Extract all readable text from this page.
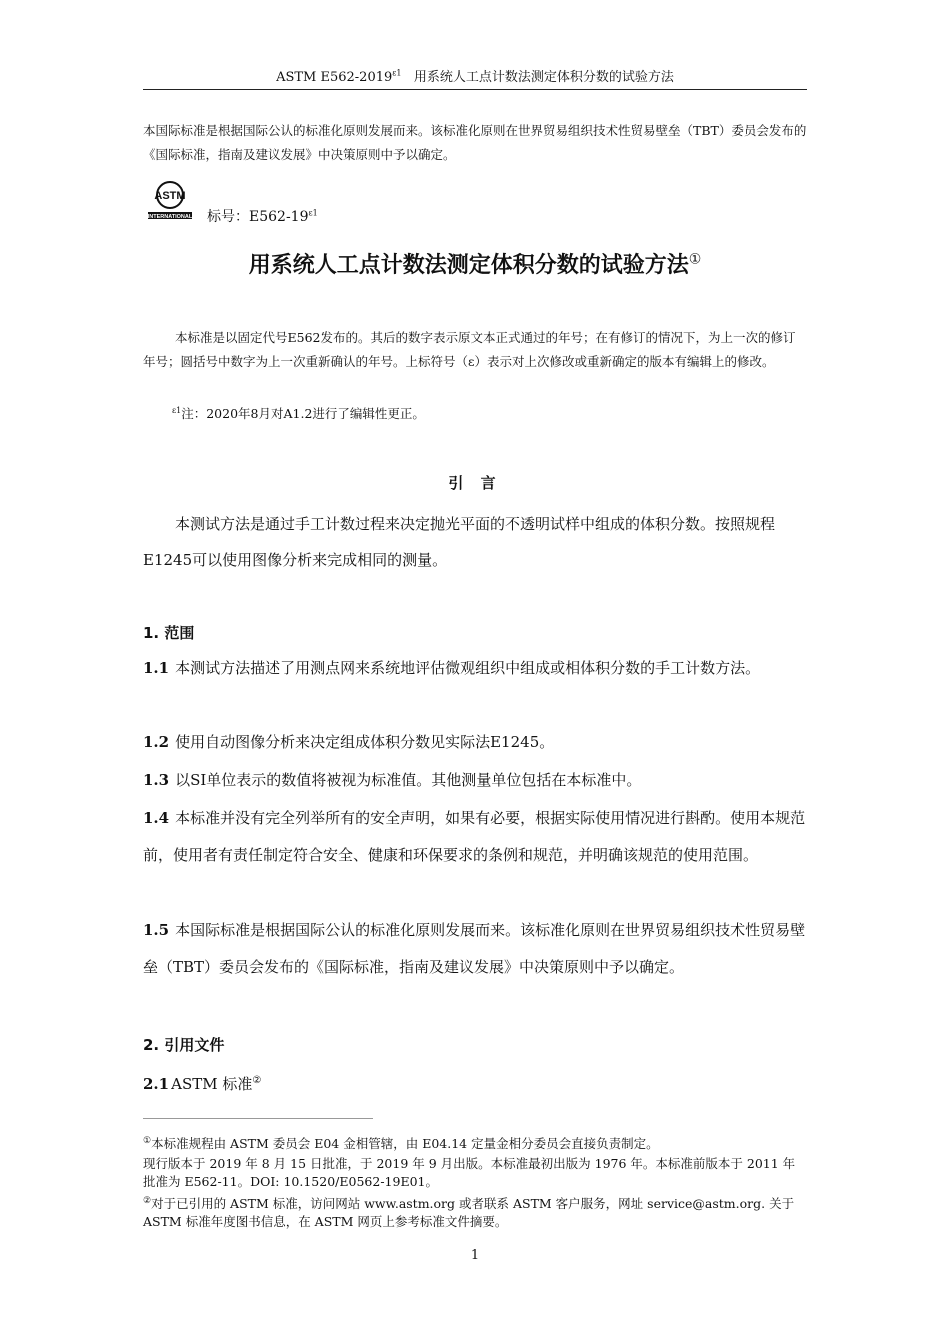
ASTM $E562-2019^{\varepsilon 1}$ 用系统人工点计数法测定体积分数的试验方法
本国际标准是根据国际公认的标准化原则发展而来。该标准化原则在世界贸易组织技术性贸易壁垒（TBT）委员会发布的《国际标准，指南及建议发展》中决策原则中予以确定。
ASTM
INTERNATIONAL 标号：$E562-19^{\varepsilon 1}$
用系统人工点计数法测定体积分数的试验方法①
本标准是以固定代号E562发布的。其后的数字表示原文本正式通过的年号；在有修订的情况下，为上一次的修订年号；圆括号中数字为上一次重新确认的年号。上标符号（ε）表示对上次修改或重新确定的版本有编辑上的修改。
$^{\varepsilon 1}$注：2020年8月对A1.2进行了编辑性更正。
引 言
本测试方法是通过手工计数过程来决定抛光平面的不透明试样中组成的体积分数。按照规程E1245可以使用图像分析来完成相同的测量。
1. 范围
1.1 本测试方法描述了用测点网来系统地评估微观组织中组成或相体积分数的手工计数方法。
1.2 使用自动图像分析来决定组成体积分数见实际法E1245。
1.3 以SI单位表示的数值将被视为标准值。其他测量单位包括在本标准中。
1.4 本标准并没有完全列举所有的安全声明，如果有必要，根据实际使用情况进行斟酌。使用本规范前，使用者有责任制定符合安全、健康和环保要求的条例和规范，并明确该规范的使用范围。
1.5 本国际标准是根据国际公认的标准化原则发展而来。该标准化原则在世界贸易组织技术性贸易壁垒（TBT）委员会发布的《国际标准，指南及建议发展》中决策原则中予以确定。
2. 引用文件
2.1 ASTM 标准②
①本标准规程由 ASTM 委员会 E04 金相管辖，由 E04.14 定量金相分委员会直接负责制定。
现行版本于 2019 年 8 月 15 日批准，于 2019 年 9 月出版。本标准最初出版为 1976 年。本标准前版本于 2011 年批准为 E562-11。DOI: 10.1520/E0562-19E01。
②对于已引用的 ASTM 标准，访问网站 www.astm.org 或者联系 ASTM 客户服务，网址 service@astm.org. 关于 ASTM 标准年度图书信息，在 ASTM 网页上参考标准文件摘要。
1
